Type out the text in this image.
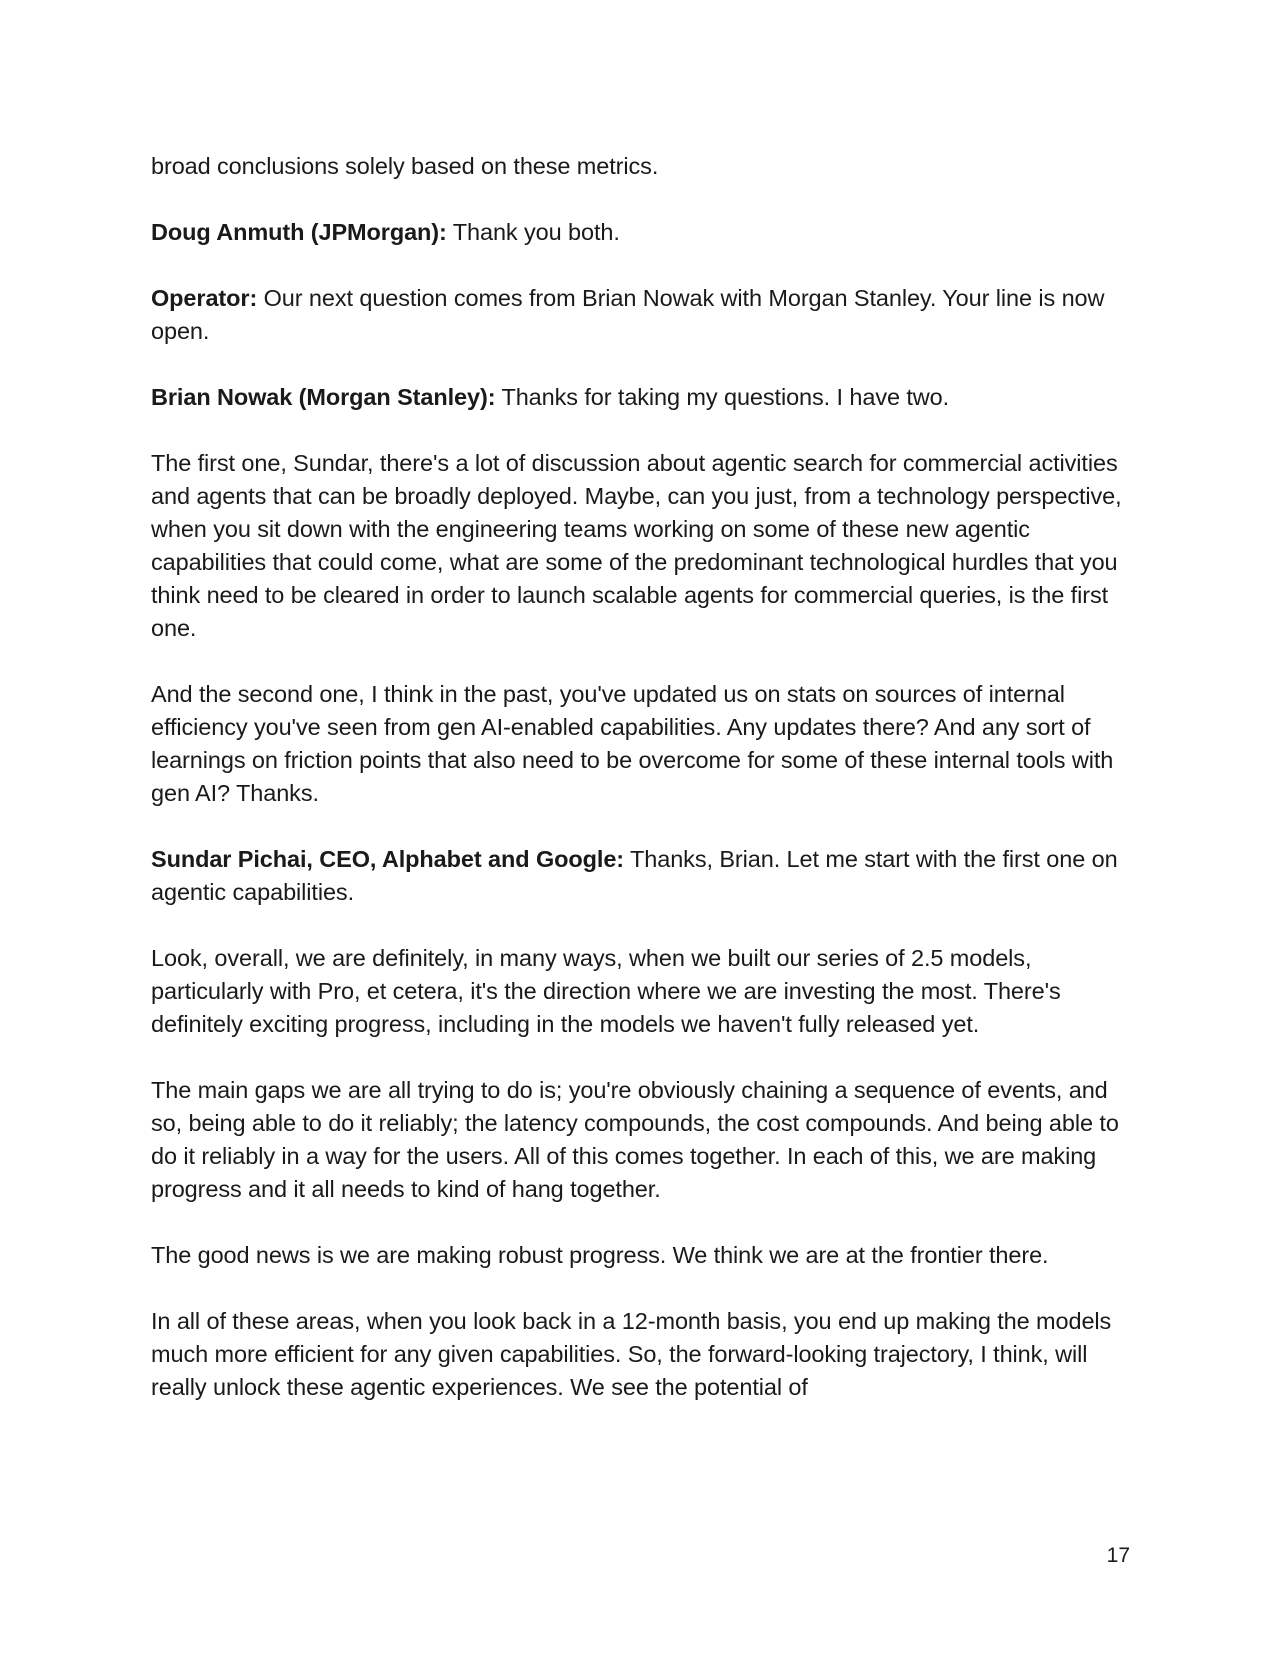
broad conclusions solely based on these metrics.

Doug Anmuth (JPMorgan): Thank you both.

Operator: Our next question comes from Brian Nowak with Morgan Stanley. Your line is now open.

Brian Nowak (Morgan Stanley): Thanks for taking my questions. I have two.

The first one, Sundar, there's a lot of discussion about agentic search for commercial activities and agents that can be broadly deployed. Maybe, can you just, from a technology perspective, when you sit down with the engineering teams working on some of these new agentic capabilities that could come, what are some of the predominant technological hurdles that you think need to be cleared in order to launch scalable agents for commercial queries, is the first one.

And the second one, I think in the past, you've updated us on stats on sources of internal efficiency you've seen from gen AI-enabled capabilities. Any updates there? And any sort of learnings on friction points that also need to be overcome for some of these internal tools with gen AI? Thanks.

Sundar Pichai, CEO, Alphabet and Google: Thanks, Brian. Let me start with the first one on agentic capabilities.

Look, overall, we are definitely, in many ways, when we built our series of 2.5 models, particularly with Pro, et cetera, it's the direction where we are investing the most. There's definitely exciting progress, including in the models we haven't fully released yet.

The main gaps we are all trying to do is; you're obviously chaining a sequence of events, and so, being able to do it reliably; the latency compounds, the cost compounds. And being able to do it reliably in a way for the users. All of this comes together. In each of this, we are making progress and it all needs to kind of hang together.

The good news is we are making robust progress. We think we are at the frontier there.

In all of these areas, when you look back in a 12-month basis, you end up making the models much more efficient for any given capabilities. So, the forward-looking trajectory, I think, will really unlock these agentic experiences. We see the potential of

17
